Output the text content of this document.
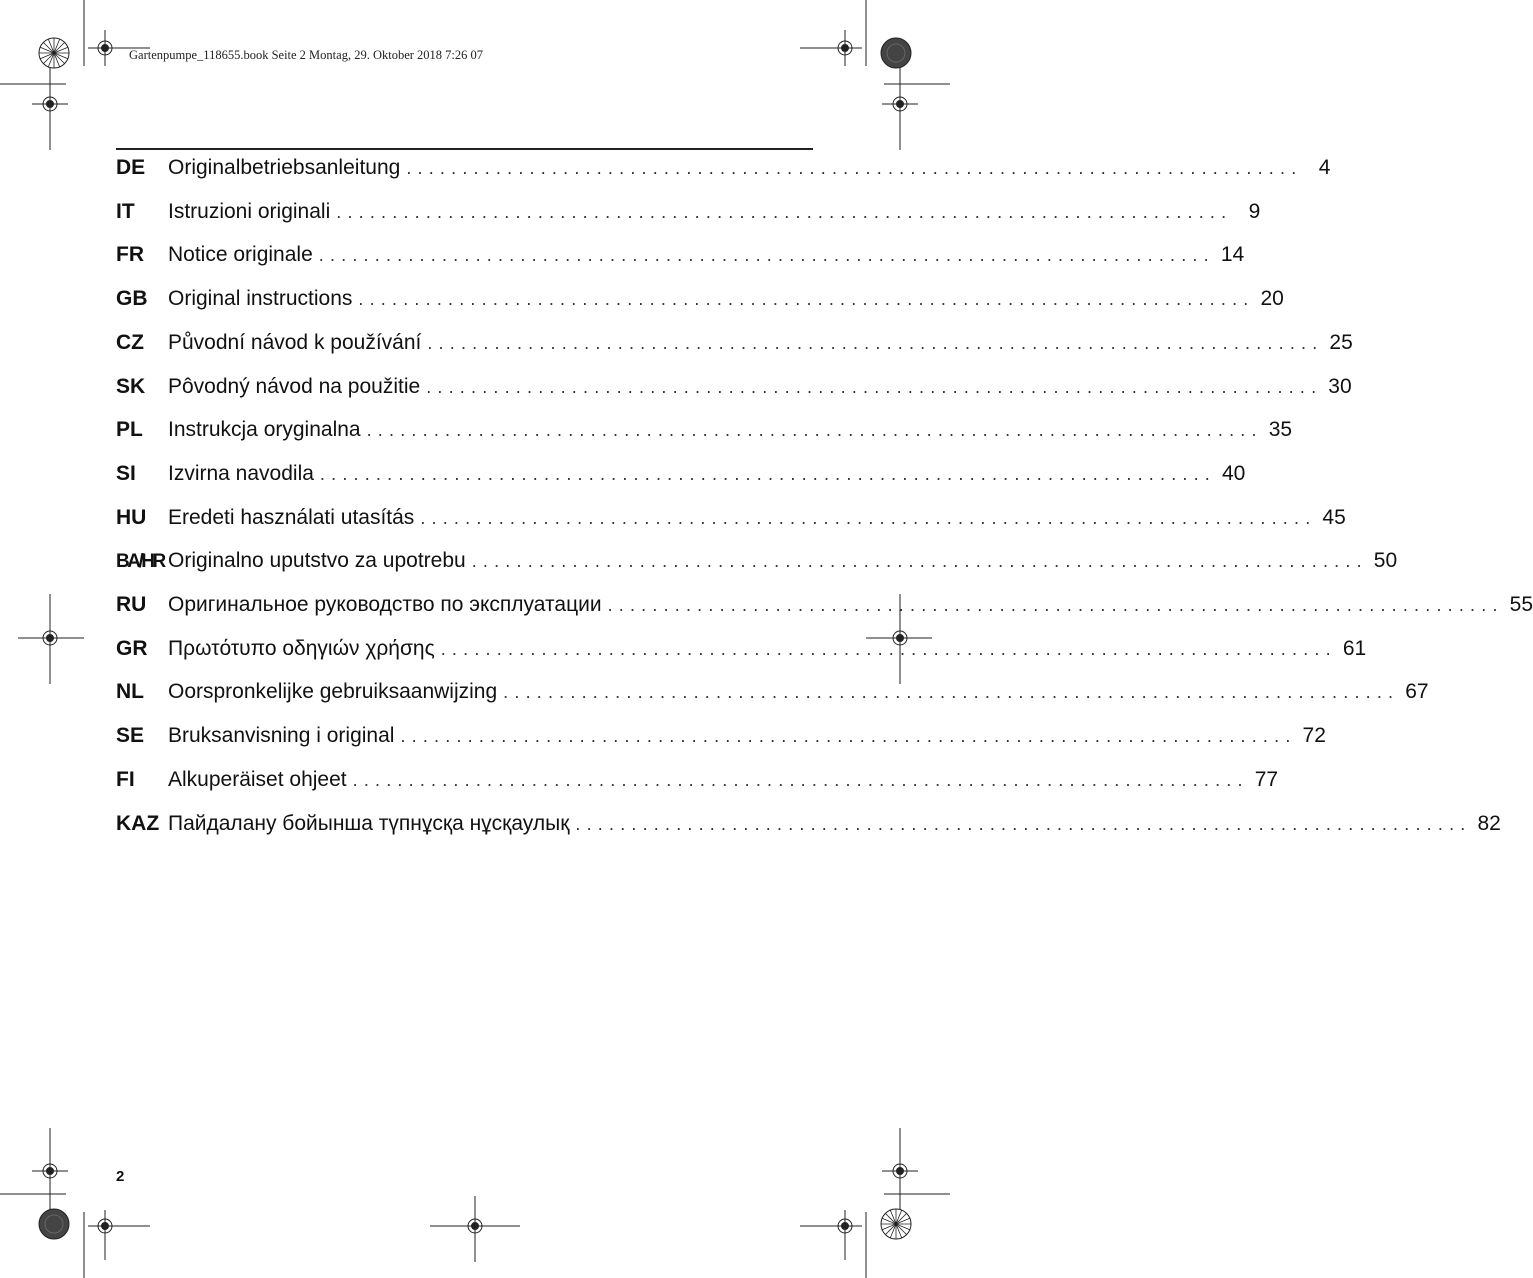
Gartenpumpe_118655.book Seite 2 Montag, 29. Oktober 2018 7:26 07
DE	Originalbetriebsanleitung ................................................................................ 4
IT	Istruzioni originali ................................................................................ 9
FR	Notice originale ................................................................................ 14
GB Original instructions ................................................................................ 20
CZ	Původní návod k používání ................................................................................ 25
SK	Pôvodný návod na použitie ................................................................................ 30
PL	Instrukcja oryginalna ................................................................................ 35
SI	Izvirna navodila ................................................................................ 40
HU	Eredeti használati utasítás ................................................................................ 45
BA/HR Originalno uputstvo za upotrebu ................................................................................ 50
RU	Оригинальное руководство по эксплуатации ................................................................................ 55
GR Πρωτότυπο οδηγιών χρήσης ................................................................................ 61
NL	Oorspronkelijke gebruiksaanwijzing ................................................................................ 67
SE	Bruksanvisning i original ................................................................................ 72
FI	Alkuperäiset ohjeet ................................................................................ 77
KAZ Пайдалану бойынша түпнұсқа нұсқаулық ................................................................................ 82
2
